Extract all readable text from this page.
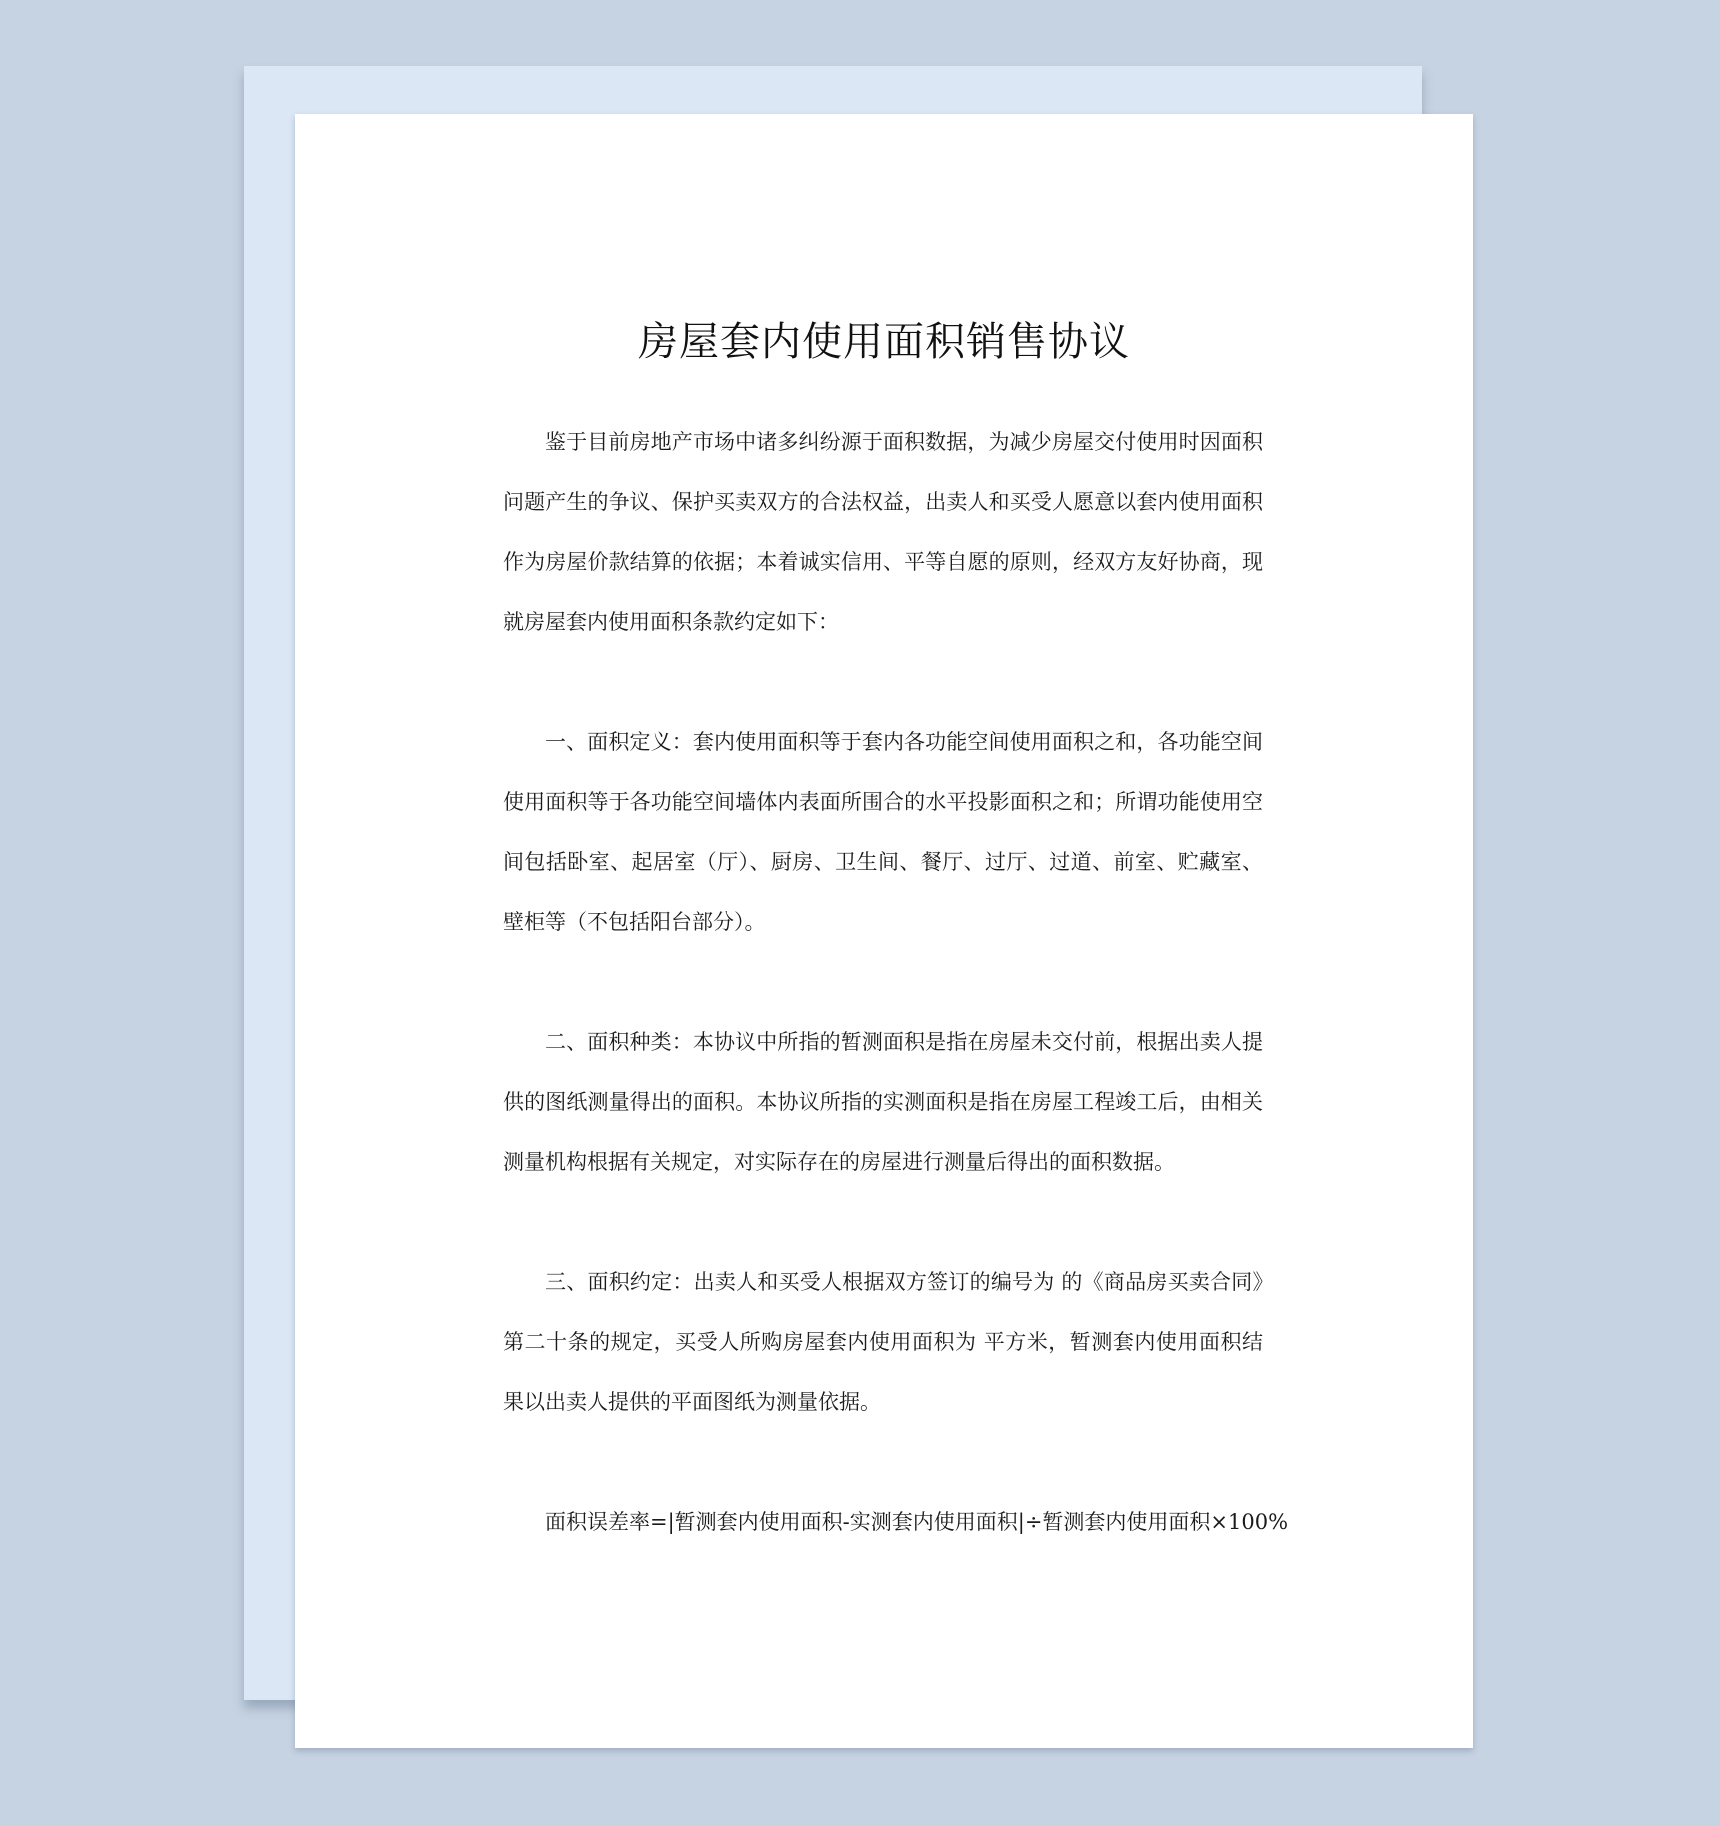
房屋套内使用面积销售协议

鉴于目前房地产市场中诸多纠纷源于面积数据，为减少房屋交付使用时因面积问题产生的争议、保护买卖双方的合法权益，出卖人和买受人愿意以套内使用面积作为房屋价款结算的依据；本着诚实信用、平等自愿的原则，经双方友好协商，现就房屋套内使用面积条款约定如下：

一、面积定义：套内使用面积等于套内各功能空间使用面积之和，各功能空间使用面积等于各功能空间墙体内表面所围合的水平投影面积之和；所谓功能使用空间包括卧室、起居室（厅）、厨房、卫生间、餐厅、过厅、过道、前室、贮藏室、壁柜等（不包括阳台部分）。

二、面积种类：本协议中所指的暂测面积是指在房屋未交付前，根据出卖人提供的图纸测量得出的面积。本协议所指的实测面积是指在房屋工程竣工后，由相关测量机构根据有关规定，对实际存在的房屋进行测量后得出的面积数据。

三、面积约定：出卖人和买受人根据双方签订的编号为 的《商品房买卖合同》第二十条的规定，买受人所购房屋套内使用面积为 平方米，暂测套内使用面积结果以出卖人提供的平面图纸为测量依据。

面积误差率=|暂测套内使用面积-实测套内使用面积|÷暂测套内使用面积×100%
